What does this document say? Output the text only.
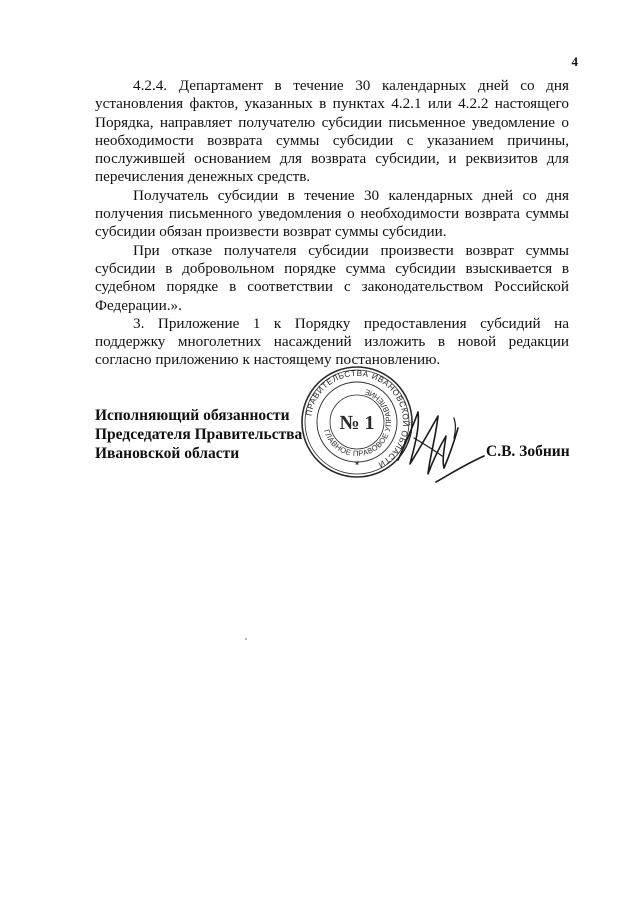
4

4.2.4. Департамент в течение 30 календарных дней со дня установления фактов, указанных в пунктах 4.2.1 или 4.2.2 настоящего Порядка, направляет получателю субсидии письменное уведомление о необходимости возврата суммы субсидии с указанием причины, послужившей основанием для возврата субсидии, и реквизитов для перечисления денежных средств.

Получатель субсидии в течение 30 календарных дней со дня получения письменного уведомления о необходимости возврата суммы субсидии обязан произвести возврат суммы субсидии.

При отказе получателя субсидии произвести возврат суммы субсидии в добровольном порядке сумма субсидии взыскивается в судебном порядке в соответствии с законодательством Российской Федерации.».

3. Приложение 1 к Порядку предоставления субсидий на поддержку многолетних насаждений изложить в новой редакции согласно приложению к настоящему постановлению.

Исполняющий обязанности
Председателя Правительства
Ивановской области
ПРАВИТЕЛЬСТВА ИВАНОВСКОЙ ОБЛАСТИ
ГЛАВНОЕ ПРАВОВОЕ УПРАВЛЕНИЕ
№ 1
✶
С.В. Зобнин
